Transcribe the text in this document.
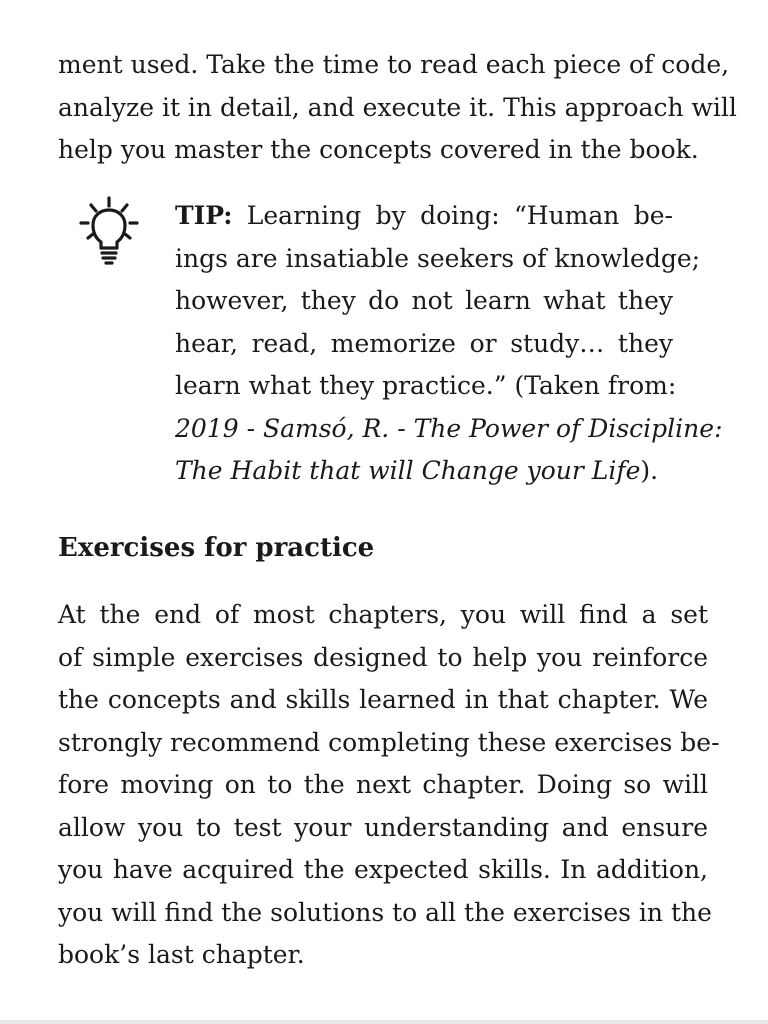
ment used. Take the time to read each piece of code,
analyze it in detail, and execute it. This approach will
help you master the concepts covered in the book.

TIP: Learning by doing: “Human be-
ings are insatiable seekers of knowledge;
however, they do not learn what they
hear, read, memorize or study… they
learn what they practice.” (Taken from:
2019 - Samsó, R. - The Power of Discipline:
The Habit that will Change your Life).

Exercises for practice

At the end of most chapters, you will find a set
of simple exercises designed to help you reinforce
the concepts and skills learned in that chapter. We
strongly recommend completing these exercises be-
fore moving on to the next chapter. Doing so will
allow you to test your understanding and ensure
you have acquired the expected skills. In addition,
you will find the solutions to all the exercises in the
book’s last chapter.
